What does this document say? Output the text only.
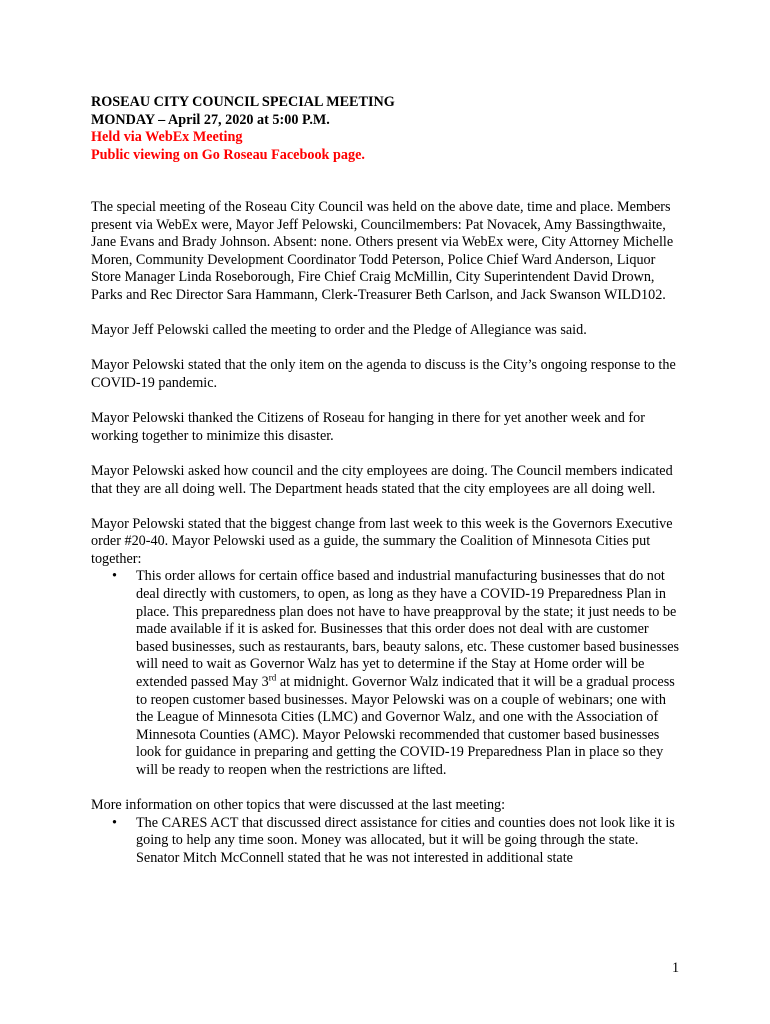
ROSEAU CITY COUNCIL SPECIAL MEETING
MONDAY – April 27, 2020 at 5:00 P.M.
Held via WebEx Meeting
Public viewing on Go Roseau Facebook page.

The special meeting of the Roseau City Council was held on the above date, time and place. Members present via WebEx were, Mayor Jeff Pelowski, Councilmembers: Pat Novacek, Amy Bassingthwaite, Jane Evans and Brady Johnson. Absent: none. Others present via WebEx were, City Attorney Michelle Moren, Community Development Coordinator Todd Peterson, Police Chief Ward Anderson, Liquor Store Manager Linda Roseborough, Fire Chief Craig McMillin, City Superintendent David Drown, Parks and Rec Director Sara Hammann, Clerk-Treasurer Beth Carlson, and Jack Swanson WILD102.

Mayor Jeff Pelowski called the meeting to order and the Pledge of Allegiance was said.

Mayor Pelowski stated that the only item on the agenda to discuss is the City’s ongoing response to the COVID-19 pandemic.

Mayor Pelowski thanked the Citizens of Roseau for hanging in there for yet another week and for working together to minimize this disaster.

Mayor Pelowski asked how council and the city employees are doing. The Council members indicated that they are all doing well. The Department heads stated that the city employees are all doing well.

Mayor Pelowski stated that the biggest change from last week to this week is the Governors Executive order #20-40. Mayor Pelowski used as a guide, the summary the Coalition of Minnesota Cities put together:

• This order allows for certain office based and industrial manufacturing businesses that do not deal directly with customers, to open, as long as they have a COVID-19 Preparedness Plan in place. This preparedness plan does not have to have preapproval by the state; it just needs to be made available if it is asked for. Businesses that this order does not deal with are customer based businesses, such as restaurants, bars, beauty salons, etc. These customer based businesses will need to wait as Governor Walz has yet to determine if the Stay at Home order will be extended passed May 3rd at midnight. Governor Walz indicated that it will be a gradual process to reopen customer based businesses. Mayor Pelowski was on a couple of webinars; one with the League of Minnesota Cities (LMC) and Governor Walz, and one with the Association of Minnesota Counties (AMC). Mayor Pelowski recommended that customer based businesses look for guidance in preparing and getting the COVID-19 Preparedness Plan in place so they will be ready to reopen when the restrictions are lifted.

More information on other topics that were discussed at the last meeting:

• The CARES ACT that discussed direct assistance for cities and counties does not look like it is going to help any time soon. Money was allocated, but it will be going through the state. Senator Mitch McConnell stated that he was not interested in additional state
1
